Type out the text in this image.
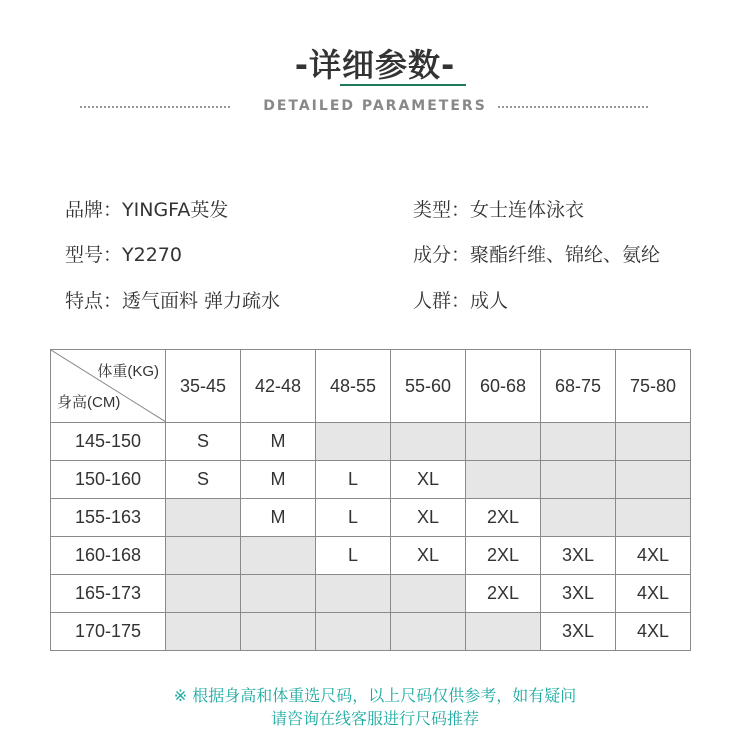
-详细参数-
DETAILED PARAMETERS
品牌：YINGFA英发	类型：女士连体泳衣
型号：Y2270	成分：聚酯纤维、锦纶、氨纶
特点：透气面料 弹力疏水	人群：成人
体重(KG)
身高(CM)	35-45	42-48	48-55	55-60	60-68	68-75	75-80
145-150	S	M					
150-160	S	M	L	XL			
155-163		M	L	XL	2XL		
160-168			L	XL	2XL	3XL	4XL
165-173					2XL	3XL	4XL
170-175						3XL	4XL
※ 根据身高和体重选尺码，以上尺码仅供参考，如有疑问
请咨询在线客服进行尺码推荐
